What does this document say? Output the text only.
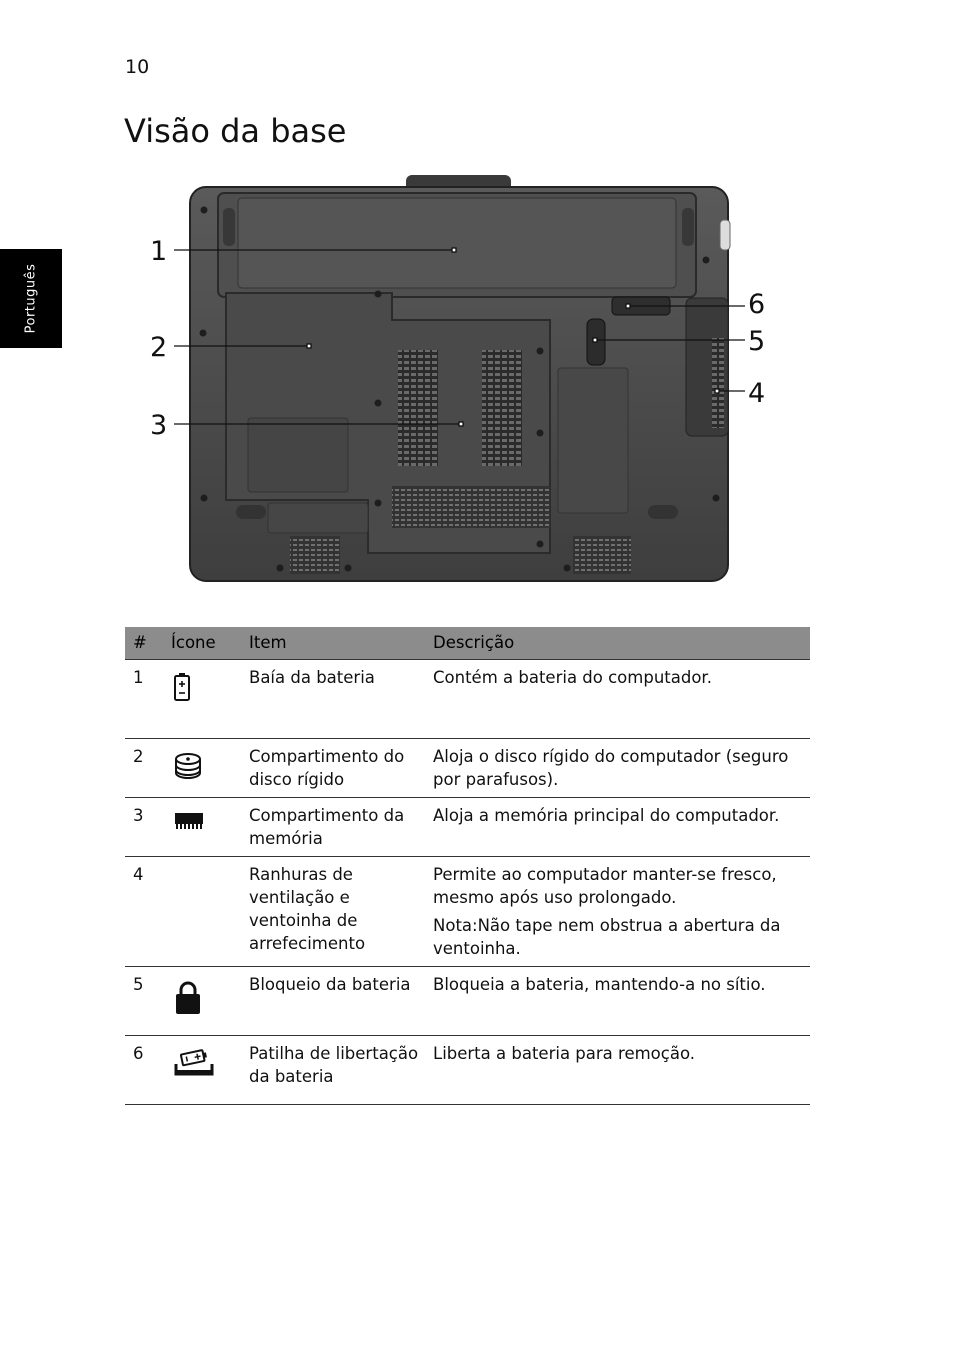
10
Visão da base
Português
1
2
3
4
5
6
#	Ícone	Item	Descrição
1		Baía da bateria	Contém a bateria do computador.
2		Compartimento do disco rígido	Aloja o disco rígido do computador (seguro por parafusos).
3		Compartimento da memória	Aloja a memória principal do computador.
4		Ranhuras de ventilação e ventoinha de arrefecimento	Permite ao computador manter-se fresco, mesmo após uso prolongado.

Nota:Não tape nem obstrua a abertura da ventoinha.

5		Bloqueio da bateria	Bloqueia a bateria, mantendo-a no sítio.
6		Patilha de libertação da bateria	Liberta a bateria para remoção.
